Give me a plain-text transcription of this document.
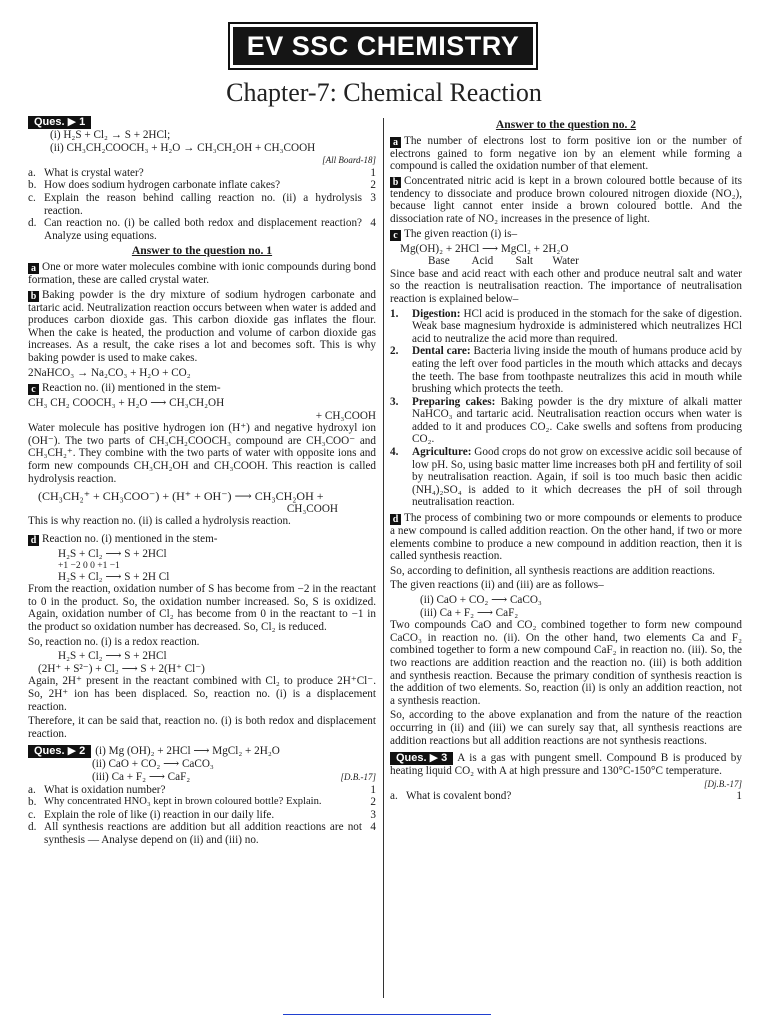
EV SSC CHEMISTRY
Chapter-7: Chemical Reaction
Ques. ▶ 1
(i) H₂S + Cl₂ → S + 2HCl;
(ii) CH₃CH₂COOCH₃ + H₂O → CH₃CH₂OH + CH₃COOH
[All Board-18]
a. What is crystal water?	1
b. How does sodium hydrogen carbonate inflate cakes?	2
c. Explain the reason behind calling reaction no. (ii) a hydrolysis reaction.
3
d. Can reaction no. (i) be called both redox and displacement reaction? Analyze using equations.
4
Answer to the question no. 1

a One or more water molecules combine with ionic compounds during bond formation, these are called crystal water.

b Baking powder is the dry mixture of sodium hydrogen carbonate and tartaric acid. Neutralization reaction occurs between when water is added and produces carbon dioxide gas. This carbon dioxide gas inflates the flour. When the cake is heated, the production and volume of carbon dioxide gas increases. As a result, the cake rises a lot and becomes soft. This is why baking powder is used to make cakes.

2NaHCO₃ → Na₂CO₃ + H₂O + CO₂

c Reaction no. (ii) mentioned in the stem-

CH₃ CH₂ COOCH₃ + H₂O ⟶ CH₃CH₂OH
+ CH₃COOH

Water molecule has positive hydrogen ion (H⁺) and negative hydroxyl ion (OH⁻). The two parts of CH₃CH₂COOCH₃ compound are CH₃COO⁻ and CH₃CH₂⁺. They combine with the two parts of water with opposite ions and form new compounds CH₃CH₂OH and CH₃COOH. This reaction is called hydrolysis reaction.

(CH₃CH₂⁺ + CH₃COO⁻) + (H⁺ + OH⁻) ⟶ CH₃CH₂OH +
CH₃COOH

This is why reaction no. (ii) is called a hydrolysis reaction.

d Reaction no. (i) mentioned in the stem-

H₂S + Cl₂ ⟶ S + 2HCl
+1 −2 0 0 +1 −1
H₂S + Cl₂ ⟶ S + 2H Cl

From the reaction, oxidation number of S has become from −2 in the reactant to 0 in the product. So, the oxidation number increased. So, S is oxidized. Again, oxidation number of Cl₂ has become from 0 in the reactant to −1 in the product so oxidation number has decreased. So, Cl₂ is reduced.

So, reaction no. (i) is a redox reaction.

H₂S + Cl₂ ⟶ S + 2HCl
(2H⁺ + S²⁻) + Cl₂ ⟶ S + 2(H⁺ Cl⁻)

Again, 2H⁺ present in the reactant combined with Cl₂ to produce 2H⁺Cl⁻. So, 2H⁺ ion has been displaced. So, reaction no. (i) is a displacement reaction.

Therefore, it can be said that, reaction no. (i) is both redox and displacement reaction.

Ques. ▶ 2 (i) Mg (OH)₂ + 2HCl ⟶ MgCl₂ + 2H₂O
(ii) CaO + CO₂ ⟶ CaCO₃
(iii) Ca + F₂ ⟶ CaF₂	[D.B.-17]
a. What is oxidation number?	1
b. Why concentrated HNO₃ kept in brown coloured bottle? Explain.	2
c. Explain the role of like (i) reaction in our daily life.	3
d. All synthesis reactions are addition but all addition reactions are not synthesis — Analyse depend on (ii) and (iii) no.
4
Answer to the question no. 2

a The number of electrons lost to form positive ion or the number of electrons gained to form negative ion by an element while forming a compound is called the oxidation number of that element.

b Concentrated nitric acid is kept in a brown coloured bottle because of its tendency to dissociate and produce brown coloured nitrogen dioxide (NO₂), because light cannot enter inside a brown coloured bottle. And the dissociation rate of NO₂ increases in the presence of light.

c The given reaction (i) is–

Mg(OH)₂ + 2HCl ⟶ MgCl₂ + 2H₂O
Base        Acid        Salt       Water

Since base and acid react with each other and produce neutral salt and water so the reaction is neutralisation reaction. The importance of neutralisation reaction is explained below–

1.	Digestion: HCl acid is produced in the stomach for the sake of digestion. Weak base magnesium hydroxide is administered which neutralizes HCl acid to neutralize the acid more than required.
2.	Dental care: Bacteria living inside the mouth of humans produce acid by eating the left over food particles in the mouth which attacks and decays the teeth. The base from toothpaste neutralizes this acid in mouth while brushing which protects the teeth.
3.	Preparing cakes: Baking powder is the dry mixture of alkali matter NaHCO₃ and tartaric acid. Neutralisation reaction occurs when water is added to it and produces CO₂. Cake swells and softens from producing CO₂.
4.	Agriculture: Good crops do not grow on excessive acidic soil because of low pH. So, using basic matter lime increases both pH and fertility of soil by neutralisation reaction. Again, if soil is too much basic then acidic (NH₄)₂SO₄ is added to it which decreases the pH of soil through neutralisation reaction.

d The process of combining two or more compounds or elements to produce a new compound is called addition reaction. On the other hand, if two or more elements combine to produce a new compound in addition reaction, then it is called synthesis reaction.

So, according to definition, all synthesis reactions are addition reactions.

The given reactions (ii) and (iii) are as follows–

(ii) CaO + CO₂ ⟶ CaCO₃
(iii) Ca + F₂ ⟶ CaF₂

Two compounds CaO and CO₂ combined together to form new compound CaCO₃ in reaction no. (ii). On the other hand, two elements Ca and F₂ combined together to form a new compound CaF₂ in reaction no. (iii). So, the two reactions are addition reaction and the reaction no. (iii) is both addition and synthesis reaction. Because the primary condition of synthesis reaction is the addition of two elements. So, reaction (ii) is only an addition reaction, not a synthesis reaction.

So, according to the above explanation and from the nature of the reaction occurring in (ii) and (iii) we can surely say that, all synthesis reactions are addition reactions but all addition reactions are not synthesis reactions.

Ques. ▶ 3 A is a gas with pungent smell. Compound B is produced by heating liquid CO₂ with A at high pressure and 130°C-150°C temperature.
[Dj.B.-17]

a. What is covalent bond?	1
